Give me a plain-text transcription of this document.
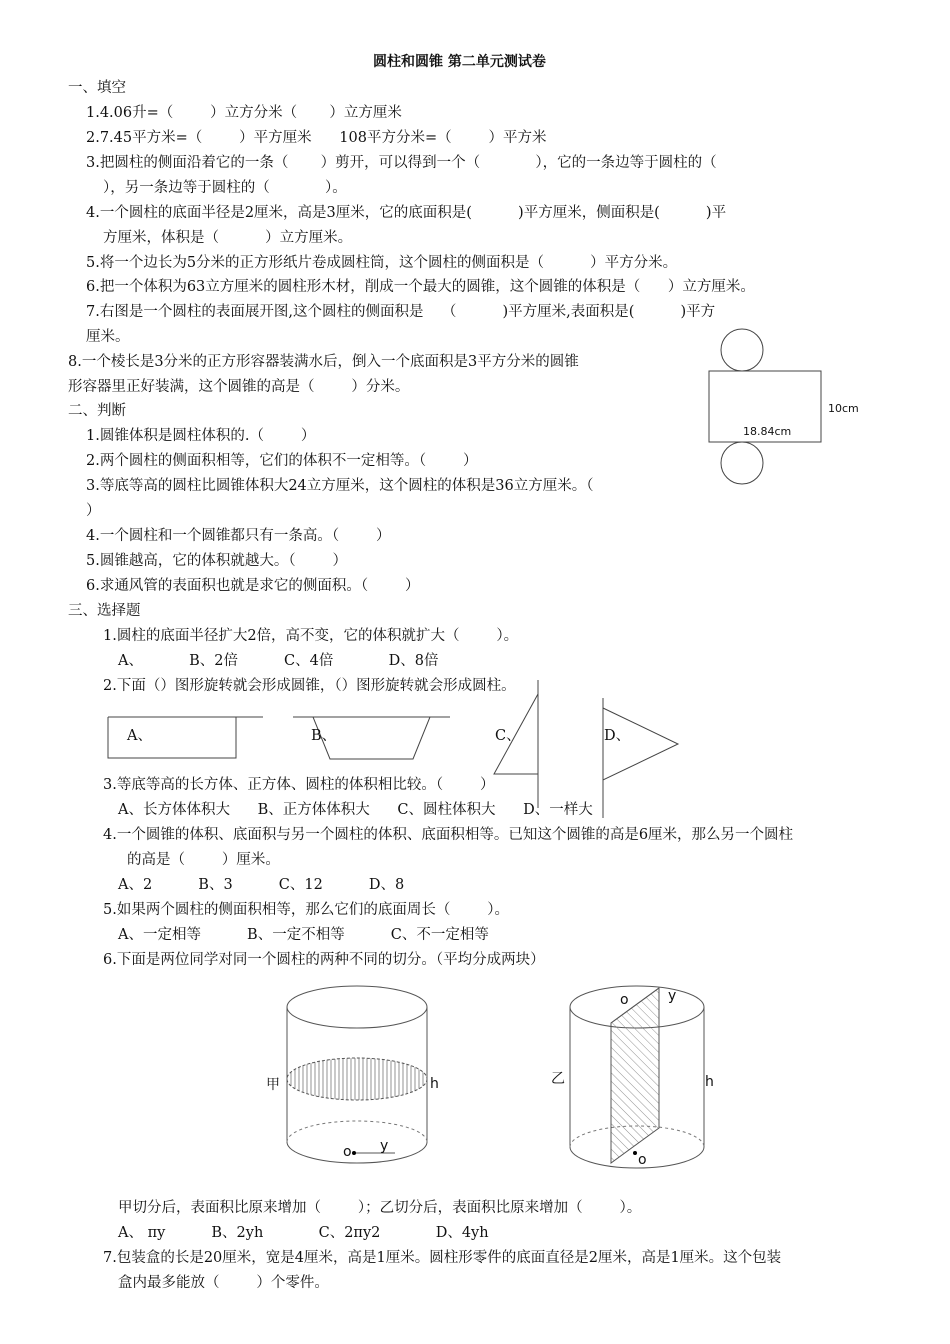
圆柱和圆锥 第二单元测试卷
一、填空
1.4.06升=（        ）立方分米（       ）立方厘米
2.7.45平方米=（        ）平方厘米      108平方分米=（        ）平方米
3.把圆柱的侧面沿着它的一条（       ）剪开，可以得到一个（            ），它的一条边等于圆柱的（
），另一条边等于圆柱的（            ）。
4.一个圆柱的底面半径是2厘米，高是3厘米，它的底面积是(          )平方厘米，侧面积是(          )平
方厘米，体积是（          ）立方厘米。
5.将一个边长为5分米的正方形纸片卷成圆柱筒，这个圆柱的侧面积是（          ）平方分米。
6.把一个体积为63立方厘米的圆柱形木材，削成一个最大的圆锥，这个圆锥的体积是（      ）立方厘米。
7.右图是一个圆柱的表面展开图,这个圆柱的侧面积是    （          )平方厘米,表面积是(          )平方
厘米。
8.一个棱长是3分米的正方形容器装满水后，倒入一个底面积是3平方分米的圆锥
形容器里正好装满，这个圆锥的高是（        ）分米。
10cm
18.84cm
二、判断
1.圆锥体积是圆柱体积的.（        ）
2.两个圆柱的侧面积相等，它们的体积不一定相等。（        ）
3.等底等高的圆柱比圆锥体积大24立方厘米，这个圆柱的体积是36立方厘米。（
）
4.一个圆柱和一个圆锥都只有一条高。（        ）
5.圆锥越高，它的体积就越大。（        ）
6.求通风管的表面积也就是求它的侧面积。（        ）
三、选择题
1.圆柱的底面半径扩大2倍，高不变，它的体积就扩大（        ）。
A、          B、2倍          C、4倍            D、8倍
2.下面（）图形旋转就会形成圆锥，（）图形旋转就会形成圆柱。
A、	B、	C、	D、
3.等底等高的长方体、正方体、圆柱的体积相比较。（        ）
A、长方体体积大      B、正方体体积大      C、圆柱体积大      D、一样大
4.一个圆锥的体积、底面积与另一个圆柱的体积、底面积相等。已知这个圆锥的高是6厘米，那么另一个圆柱
的高是（        ）厘米。
A、2          B、3          C、12          D、8
5.如果两个圆柱的侧面积相等，那么它们的底面周长（        ）。
A、一定相等          B、一定不相等          C、不一定相等
6.下面是两位同学对同一个圆柱的两种不同的切分。（平均分成两块）
甲	h
o y
乙	h
o	y
o
甲切分后，表面积比原来增加（        ）；乙切分后，表面积比原来增加（        ）。
A、 πy          B、2yh            C、2πy2            D、4yh
7.包装盒的长是20厘米，宽是4厘米，高是1厘米。圆柱形零件的底面直径是2厘米，高是1厘米。这个包装
盒内最多能放（        ）个零件。
